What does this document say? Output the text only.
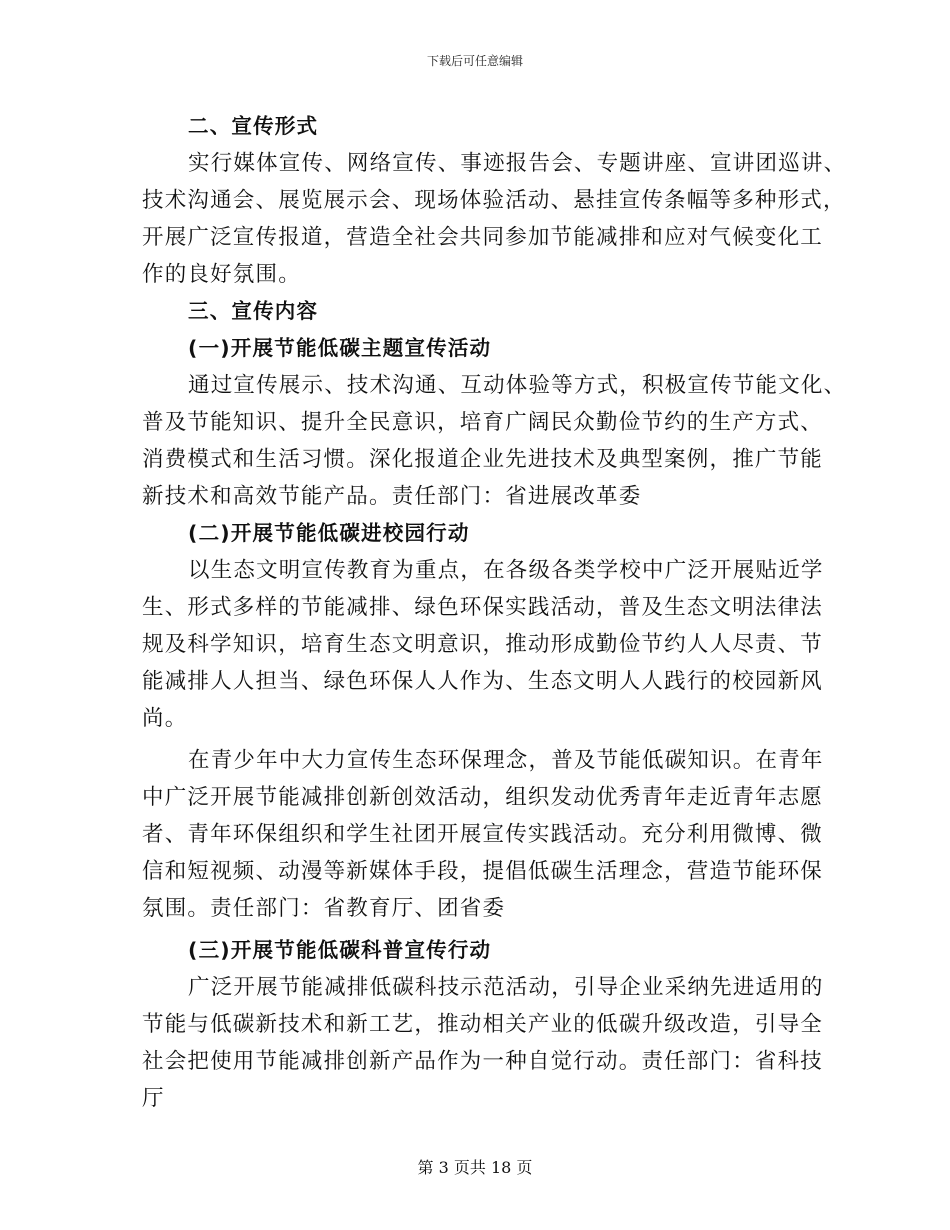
下载后可任意编辑
二、宣传形式
实行媒体宣传、网络宣传、事迹报告会、专题讲座、宣讲团巡讲、
技术沟通会、展览展示会、现场体验活动、悬挂宣传条幅等多种形式，
开展广泛宣传报道，营造全社会共同参加节能减排和应对气候变化工
作的良好氛围。
三、宣传内容
(一)开展节能低碳主题宣传活动
通过宣传展示、技术沟通、互动体验等方式，积极宣传节能文化、
普及节能知识、提升全民意识，培育广阔民众勤俭节约的生产方式、
消费模式和生活习惯。深化报道企业先进技术及典型案例，推广节能
新技术和高效节能产品。责任部门：省进展改革委
(二)开展节能低碳进校园行动
以生态文明宣传教育为重点，在各级各类学校中广泛开展贴近学
生、形式多样的节能减排、绿色环保实践活动，普及生态文明法律法
规及科学知识，培育生态文明意识，推动形成勤俭节约人人尽责、节
能减排人人担当、绿色环保人人作为、生态文明人人践行的校园新风
尚。
在青少年中大力宣传生态环保理念，普及节能低碳知识。在青年
中广泛开展节能减排创新创效活动，组织发动优秀青年走近青年志愿
者、青年环保组织和学生社团开展宣传实践活动。充分利用微博、微
信和短视频、动漫等新媒体手段，提倡低碳生活理念，营造节能环保
氛围。责任部门：省教育厅、团省委
(三)开展节能低碳科普宣传行动
广泛开展节能减排低碳科技示范活动，引导企业采纳先进适用的
节能与低碳新技术和新工艺，推动相关产业的低碳升级改造，引导全
社会把使用节能减排创新产品作为一种自觉行动。责任部门：省科技
厅
第 3 页共 18 页
